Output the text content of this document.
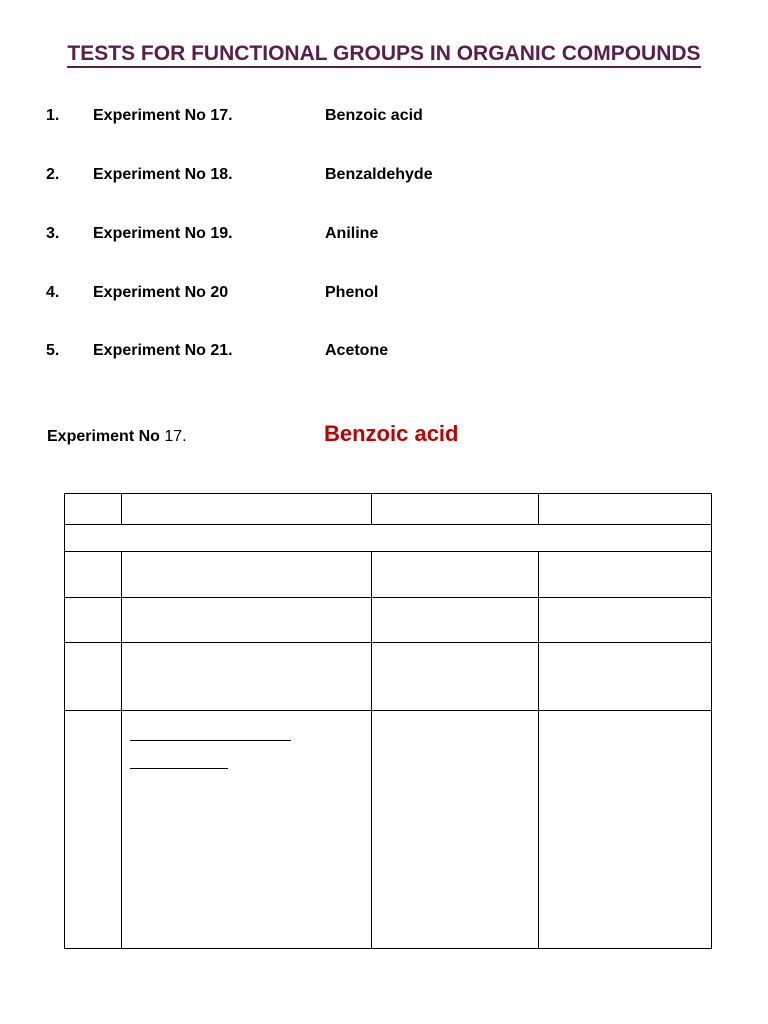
TESTS FOR FUNCTIONAL GROUPS IN ORGANIC COMPOUNDS
1. Experiment No 17.	Benzoic acid
2. Experiment No 18.	Benzaldehyde
3. Experiment No 19.	Aniline
4. Experiment No 20	Phenol
5. Experiment No 21.	Acetone
Experiment No 17.	Benzoic acid
